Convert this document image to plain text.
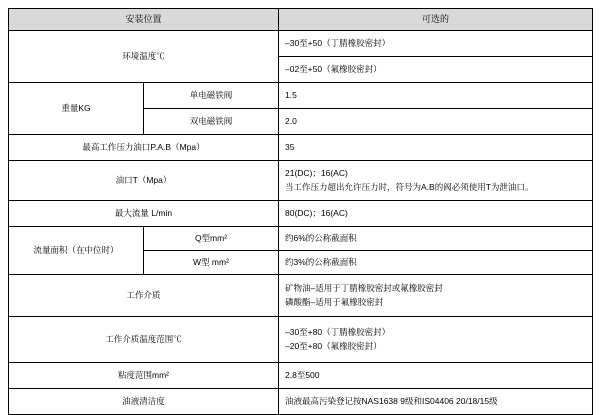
安装位置		可选的
环境温度℃		–30至+50（丁腈橡胶密封）
		–02至+50（氟橡胶密封）
重量KG	单电磁铁阀	1.5
	双电磁铁阀	2.0
最高工作压力油口P.A.B（Mpa）		35
油口T（Mpa）		21(DC)；16(AC)
当工作压力超出允许压力时，符号为A.B的阀必须使用T为泄油口。

最大流量 L/min		80(DC)；16(AC)
流量面积（在中位时）	Q型mm²	约6%的公称截面积
	W型 mm²	约3%的公称截面积
工作介质		矿物油–适用于丁腈橡胶密封或氟橡胶密封
磷酸酯–适用于氟橡胶密封

工作介质温度范围℃		–30至+80（丁腈橡胶密封）
–20至+80（氟橡胶密封）

粘度范围mm²		2.8至500
油液清洁度		油液最高污染登记按NAS1638 9级和IS04406 20/18/15级
